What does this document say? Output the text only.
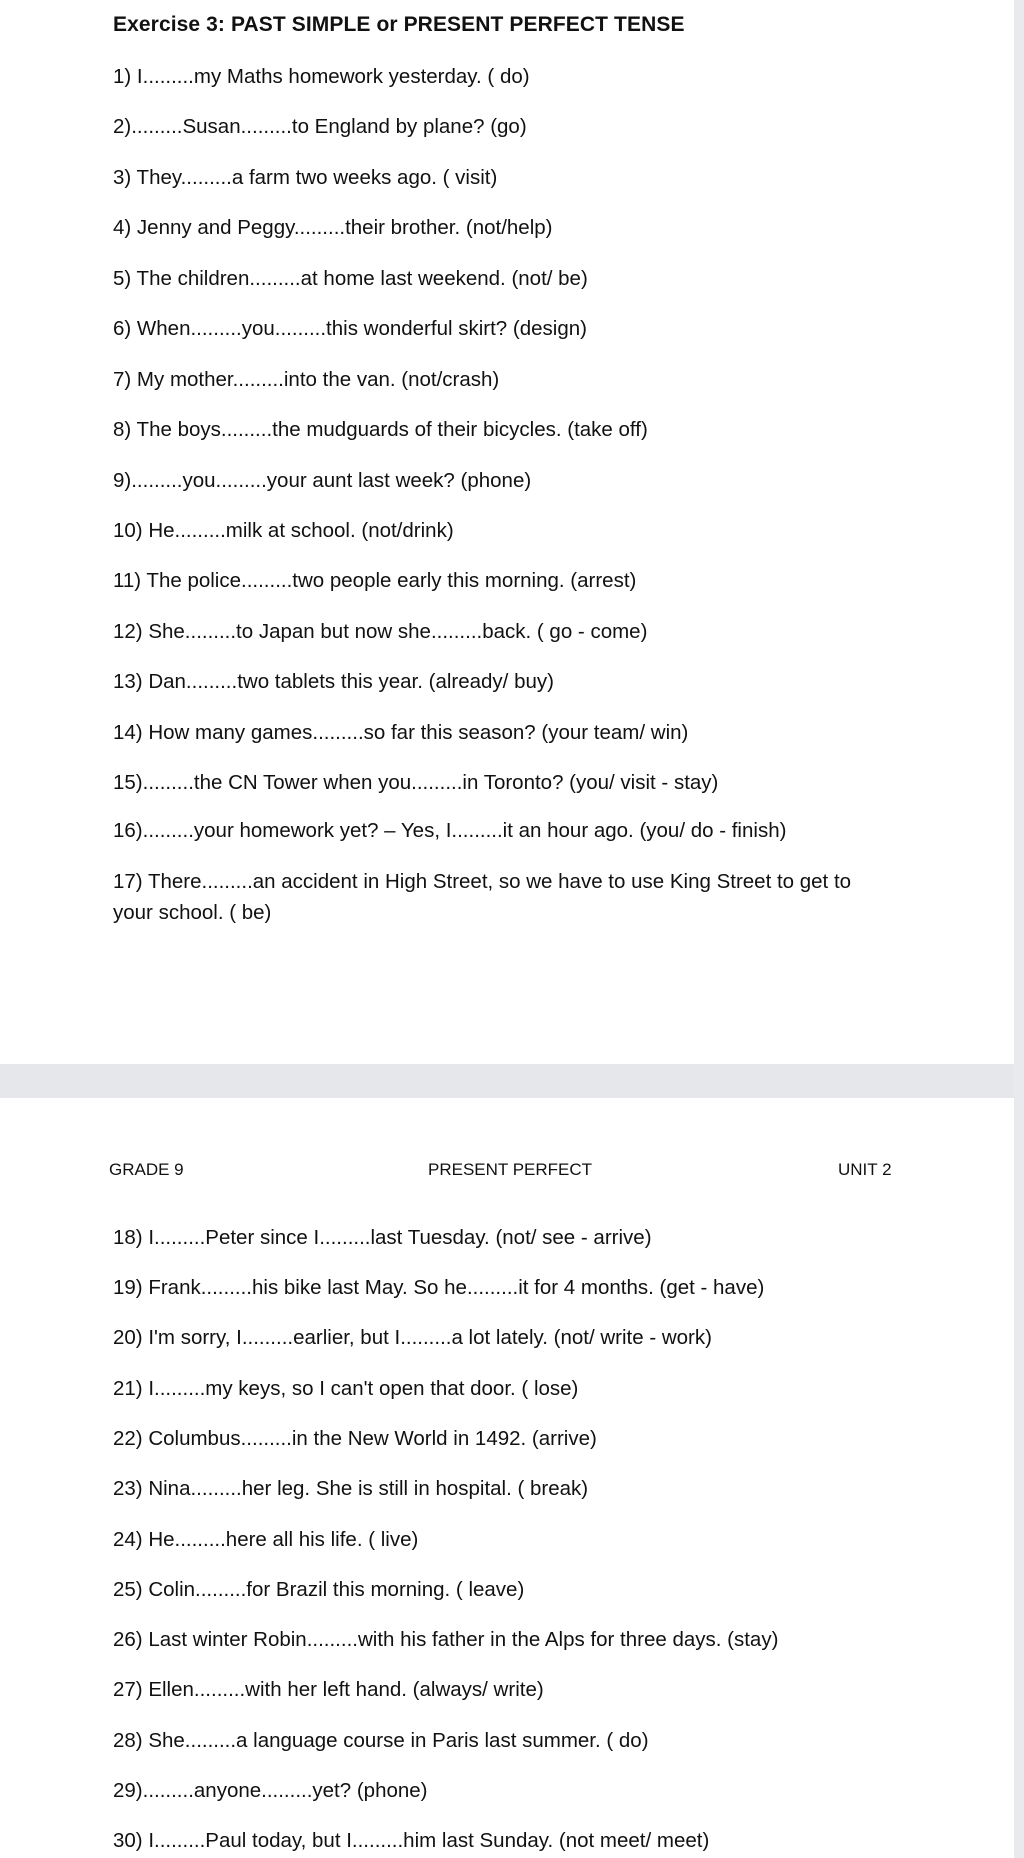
Exercise 3: PAST SIMPLE or PRESENT PERFECT TENSE
1) I.........my Maths homework yesterday. ( do)
2).........Susan.........to England by plane? (go)
3) They.........a farm two weeks ago. ( visit)
4) Jenny and Peggy.........their brother. (not/help)
5) The children.........at home last weekend. (not/ be)
6) When.........you.........this wonderful skirt? (design)
7) My mother.........into the van. (not/crash)
8) The boys.........the mudguards of their bicycles. (take off)
9).........you.........your aunt last week? (phone)
10) He.........milk at school. (not/drink)
11) The police.........two people early this morning. (arrest)
12) She.........to Japan but now she.........back. ( go - come)
13) Dan.........two tablets this year. (already/ buy)
14) How many games.........so far this season? (your team/ win)
15).........the CN Tower when you.........in Toronto? (you/ visit - stay)
16).........your homework yet? – Yes, I.........it an hour ago. (you/ do - finish)
17) There.........an accident in High Street, so we have to use King Street to get to your school. ( be)
GRADE 9	PRESENT PERFECT	UNIT 2
18) I.........Peter since I.........last Tuesday. (not/ see - arrive)
19) Frank.........his bike last May. So he.........it for 4 months. (get - have)
20) I'm sorry, I.........earlier, but I.........a lot lately. (not/ write - work)
21) I.........my keys, so I can't open that door. ( lose)
22) Columbus.........in the New World in 1492. (arrive)
23) Nina.........her leg. She is still in hospital. ( break)
24) He.........here all his life. ( live)
25) Colin.........for Brazil this morning. ( leave)
26) Last winter Robin.........with his father in the Alps for three days. (stay)
27) Ellen.........with her left hand. (always/ write)
28) She.........a language course in Paris last summer. ( do)
29).........anyone.........yet? (phone)
30) I.........Paul today, but I.........him last Sunday. (not meet/ meet)
